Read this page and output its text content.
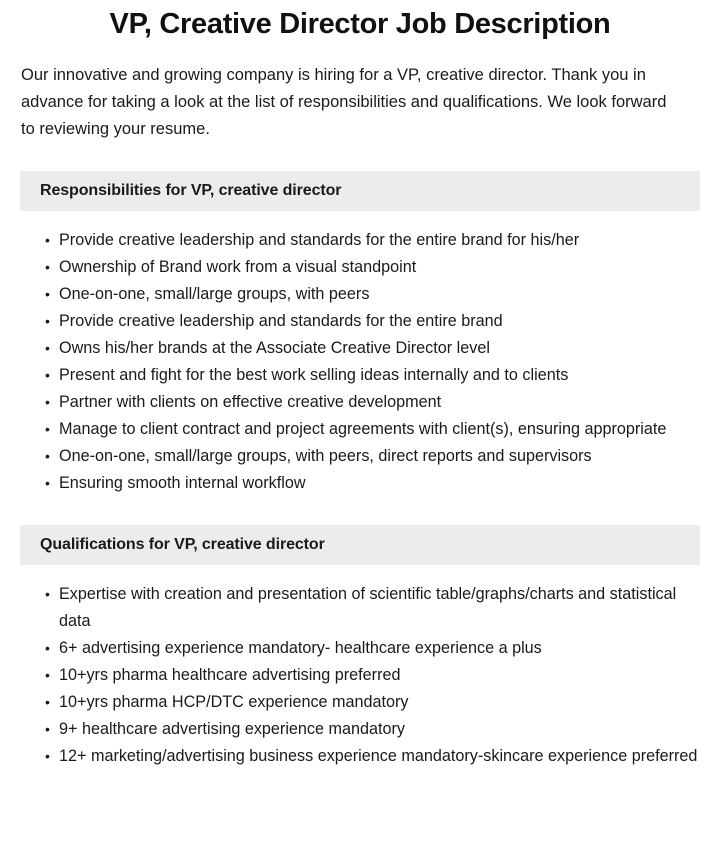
VP, Creative Director Job Description

Our innovative and growing company is hiring for a VP, creative director. Thank you in advance for taking a look at the list of responsibilities and qualifications. We look forward to reviewing your resume.

Responsibilities for VP, creative director
• Provide creative leadership and standards for the entire brand for his/her
• Ownership of Brand work from a visual standpoint
• One-on-one, small/large groups, with peers
• Provide creative leadership and standards for the entire brand
• Owns his/her brands at the Associate Creative Director level
• Present and fight for the best work selling ideas internally and to clients
• Partner with clients on effective creative development
• Manage to client contract and project agreements with client(s), ensuring appropriate
• One-on-one, small/large groups, with peers, direct reports and supervisors
• Ensuring smooth internal workflow
Qualifications for VP, creative director
• Expertise with creation and presentation of scientific table/graphs/charts and statistical data
• 6+ advertising experience mandatory- healthcare experience a plus
• 10+yrs pharma healthcare advertising preferred
• 10+yrs pharma HCP/DTC experience mandatory
• 9+ healthcare advertising experience mandatory
• 12+ marketing/advertising business experience mandatory-skincare experience preferred
